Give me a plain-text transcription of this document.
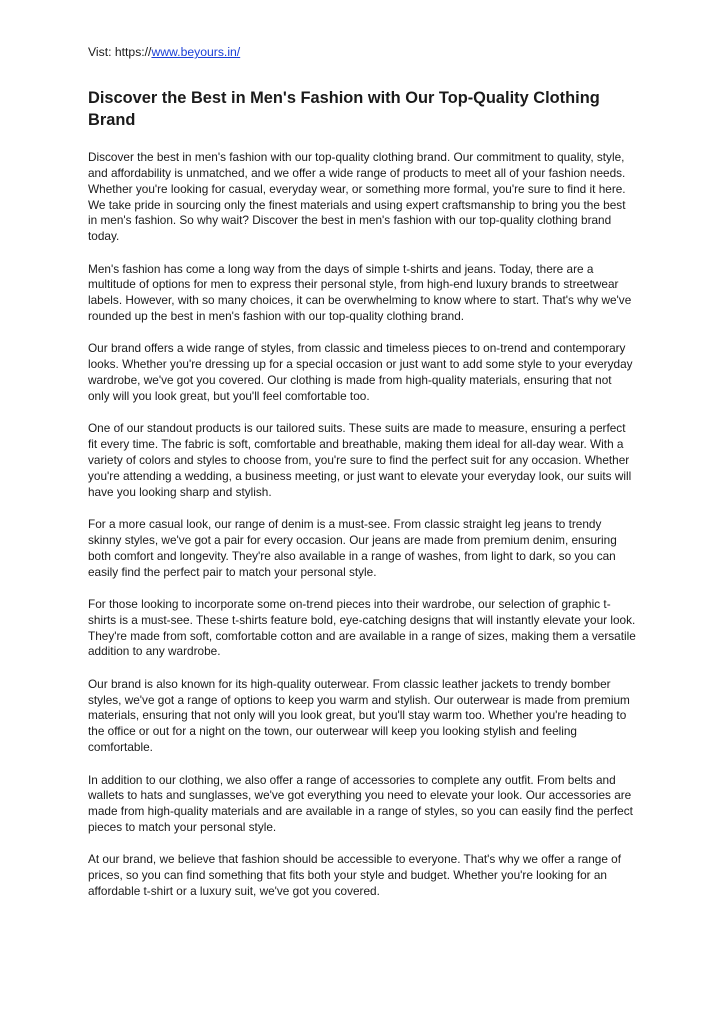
Vist: https://www.beyours.in/

Discover the Best in Men's Fashion with Our Top-Quality Clothing Brand

Discover the best in men's fashion with our top-quality clothing brand. Our commitment to quality, style, and affordability is unmatched, and we offer a wide range of products to meet all of your fashion needs. Whether you're looking for casual, everyday wear, or something more formal, you're sure to find it here. We take pride in sourcing only the finest materials and using expert craftsmanship to bring you the best in men's fashion. So why wait? Discover the best in men's fashion with our top-quality clothing brand today.

Men's fashion has come a long way from the days of simple t-shirts and jeans. Today, there are a multitude of options for men to express their personal style, from high-end luxury brands to streetwear labels. However, with so many choices, it can be overwhelming to know where to start. That's why we've rounded up the best in men's fashion with our top-quality clothing brand.

Our brand offers a wide range of styles, from classic and timeless pieces to on-trend and contemporary looks. Whether you're dressing up for a special occasion or just want to add some style to your everyday wardrobe, we've got you covered. Our clothing is made from high-quality materials, ensuring that not only will you look great, but you'll feel comfortable too.

One of our standout products is our tailored suits. These suits are made to measure, ensuring a perfect fit every time. The fabric is soft, comfortable and breathable, making them ideal for all-day wear. With a variety of colors and styles to choose from, you're sure to find the perfect suit for any occasion. Whether you're attending a wedding, a business meeting, or just want to elevate your everyday look, our suits will have you looking sharp and stylish.

For a more casual look, our range of denim is a must-see. From classic straight leg jeans to trendy skinny styles, we've got a pair for every occasion. Our jeans are made from premium denim, ensuring both comfort and longevity. They're also available in a range of washes, from light to dark, so you can easily find the perfect pair to match your personal style.

For those looking to incorporate some on-trend pieces into their wardrobe, our selection of graphic t-shirts is a must-see. These t-shirts feature bold, eye-catching designs that will instantly elevate your look. They're made from soft, comfortable cotton and are available in a range of sizes, making them a versatile addition to any wardrobe.

Our brand is also known for its high-quality outerwear. From classic leather jackets to trendy bomber styles, we've got a range of options to keep you warm and stylish. Our outerwear is made from premium materials, ensuring that not only will you look great, but you'll stay warm too. Whether you're heading to the office or out for a night on the town, our outerwear will keep you looking stylish and feeling comfortable.

In addition to our clothing, we also offer a range of accessories to complete any outfit. From belts and wallets to hats and sunglasses, we've got everything you need to elevate your look. Our accessories are made from high-quality materials and are available in a range of styles, so you can easily find the perfect pieces to match your personal style.

At our brand, we believe that fashion should be accessible to everyone. That's why we offer a range of prices, so you can find something that fits both your style and budget. Whether you're looking for an affordable t-shirt or a luxury suit, we've got you covered.
